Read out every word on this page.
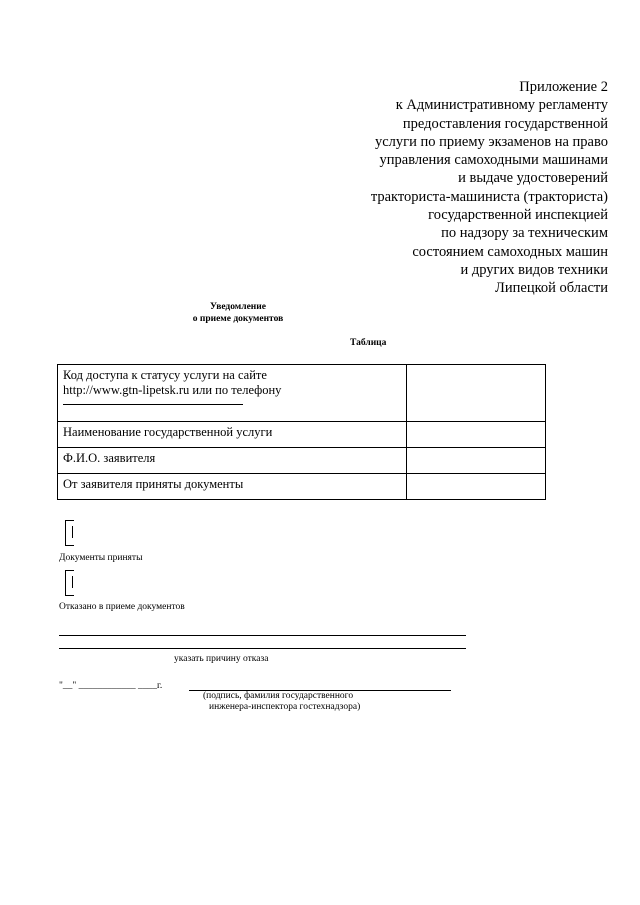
Приложение 2
к Административному регламенту
предоставления государственной
услуги по приему экзаменов на право
управления самоходными машинами
и выдаче удостоверений
тракториста-машиниста (тракториста)
государственной инспекцией
по надзору за техническим
состоянием самоходных машин
и других видов техники
Липецкой области
Уведомление
о приеме документов
Таблица
Код доступа к статусу услуги на сайте
http://www.gtn-lipetsk.ru или по телефону	

Наименование государственной услуги	
Ф.И.О. заявителя	
От заявителя приняты документы	
Документы приняты
Отказано в приеме документов
указать причину отказа
"__" ____________ ____г.
(подпись, фамилия государственного
инженера-инспектора гостехнадзора)
